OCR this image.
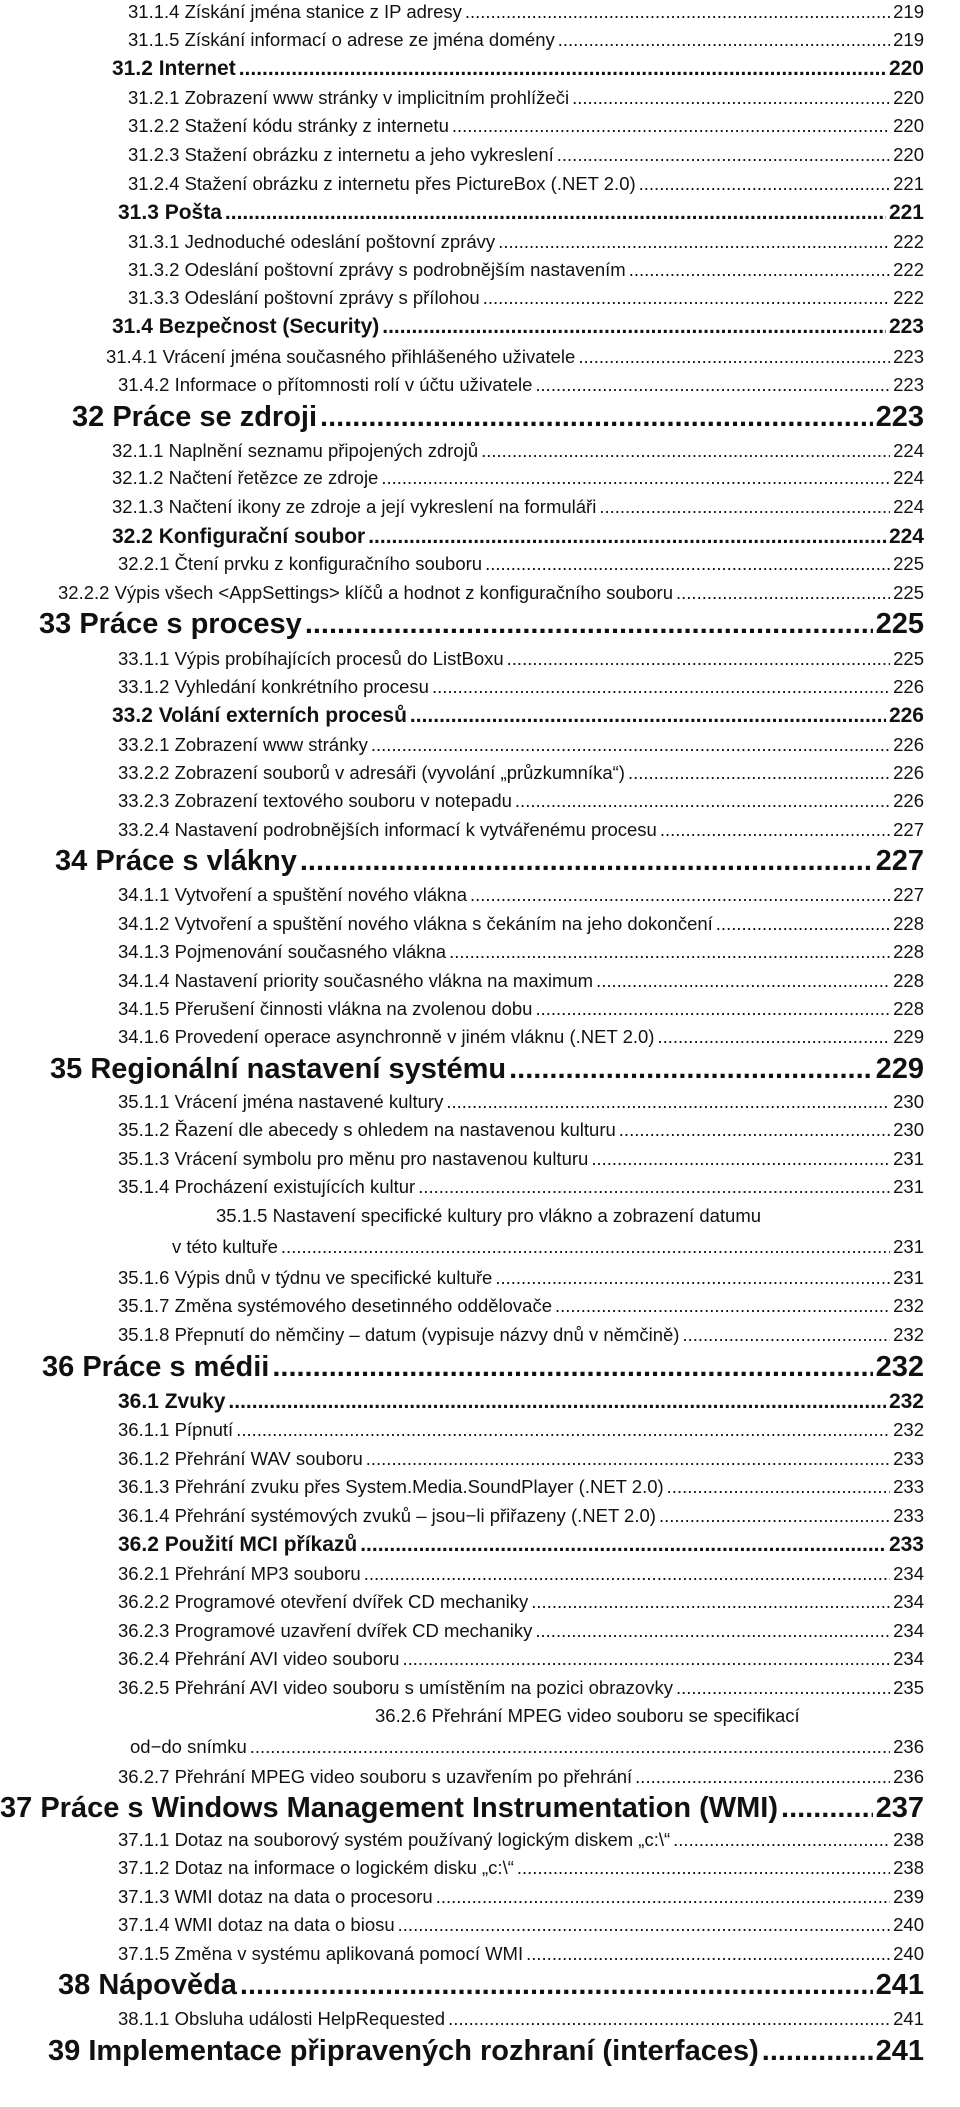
31.1.4 Získání jména stanice z IP adresy .....	219
31.1.5 Získání informací o adrese ze jména domény .....	219
31.2 Internet .....	220
31.2.1 Zobrazení www stránky v implicitním prohlížeči .....	220
31.2.2 Stažení kódu stránky z internetu .....	220
31.2.3 Stažení obrázku z internetu a jeho vykreslení .....	220
31.2.4 Stažení obrázku z internetu přes PictureBox (.NET 2.0) .....	221
31.3 Pošta .....	221
31.3.1 Jednoduché odeslání poštovní zprávy .....	222
31.3.2 Odeslání poštovní zprávy s podrobnějším nastavením .....	222
31.3.3 Odeslání poštovní zprávy s přílohou .....	222
31.4 Bezpečnost (Security) .....	223
31.4.1 Vrácení jména současného přihlášeného uživatele .....	223
31.4.2 Informace o přítomnosti rolí v účtu uživatele .....	223
32 Práce se zdroji .....	223
32.1.1 Naplnění seznamu připojených zdrojů .....	224
32.1.2 Načtení řetězce ze zdroje .....	224
32.1.3 Načtení ikony ze zdroje a její vykreslení na formuláři .....	224
32.2 Konfigurační soubor .....	224
32.2.1 Čtení prvku z konfiguračního souboru .....	225
32.2.2 Výpis všech <AppSettings> klíčů a hodnot z konfiguračního souboru .....	225
33 Práce s procesy .....	225
33.1.1 Výpis probíhajících procesů do ListBoxu .....	225
33.1.2 Vyhledání konkrétního procesu .....	226
33.2 Volání externích procesů .....	226
33.2.1 Zobrazení www stránky .....	226
33.2.2 Zobrazení souborů v adresáři (vyvolání „průzkumníka“) .....	226
33.2.3 Zobrazení textového souboru v notepadu .....	226
33.2.4 Nastavení podrobnějších informací k vytvářenému procesu .....	227
34 Práce s vlákny .....	227
34.1.1 Vytvoření a spuštění nového vlákna .....	227
34.1.2 Vytvoření a spuštění nového vlákna s čekáním na jeho dokončení .....	228
34.1.3 Pojmenování současného vlákna .....	228
34.1.4 Nastavení priority současného vlákna na maximum .....	228
34.1.5 Přerušení činnosti vlákna na zvolenou dobu .....	228
34.1.6 Provedení operace asynchronně v jiném vláknu (.NET 2.0) .....	229
35 Regionální nastavení systému .....	229
35.1.1 Vrácení jména nastavené kultury .....	230
35.1.2 Řazení dle abecedy s ohledem na nastavenou kulturu .....	230
35.1.3 Vrácení symbolu pro měnu pro nastavenou kulturu .....	231
35.1.4 Procházení existujících kultur .....	231
35.1.5 Nastavení specifické kultury pro vlákno a zobrazení datumu
v této kultuře .....	231
35.1.6 Výpis dnů v týdnu ve specifické kultuře .....	231
35.1.7 Změna systémového desetinného oddělovače .....	232
35.1.8 Přepnutí do němčiny – datum (vypisuje názvy dnů v němčině) .....	232
36 Práce s médii .....	232
36.1 Zvuky .....	232
36.1.1 Pípnutí .....	232
36.1.2 Přehrání WAV souboru .....	233
36.1.3 Přehrání zvuku přes System.Media.SoundPlayer (.NET 2.0) .....	233
36.1.4 Přehrání systémových zvuků – jsou−li přiřazeny (.NET 2.0) .....	233
36.2 Použití MCI příkazů .....	233
36.2.1 Přehrání MP3 souboru .....	234
36.2.2 Programové otevření dvířek CD mechaniky .....	234
36.2.3 Programové uzavření dvířek CD mechaniky .....	234
36.2.4 Přehrání AVI video souboru .....	234
36.2.5 Přehrání AVI video souboru s umístěním na pozici obrazovky .....	235
36.2.6 Přehrání MPEG video souboru se specifikací
od−do snímku .....	236
36.2.7 Přehrání MPEG video souboru s uzavřením po přehrání .....	236
37 Práce s Windows Management Instrumentation (WMI) .....	237
37.1.1 Dotaz na souborový systém používaný logickým diskem „c:\“ .....	238
37.1.2 Dotaz na informace o logickém disku „c:\“ .....	238
37.1.3 WMI dotaz na data o procesoru .....	239
37.1.4 WMI dotaz na data o biosu .....	240
37.1.5 Změna v systému aplikovaná pomocí WMI .....	240
38 Nápověda .....	241
38.1.1 Obsluha události HelpRequested .....	241
39 Implementace připravených rozhraní (interfaces) .....	241
